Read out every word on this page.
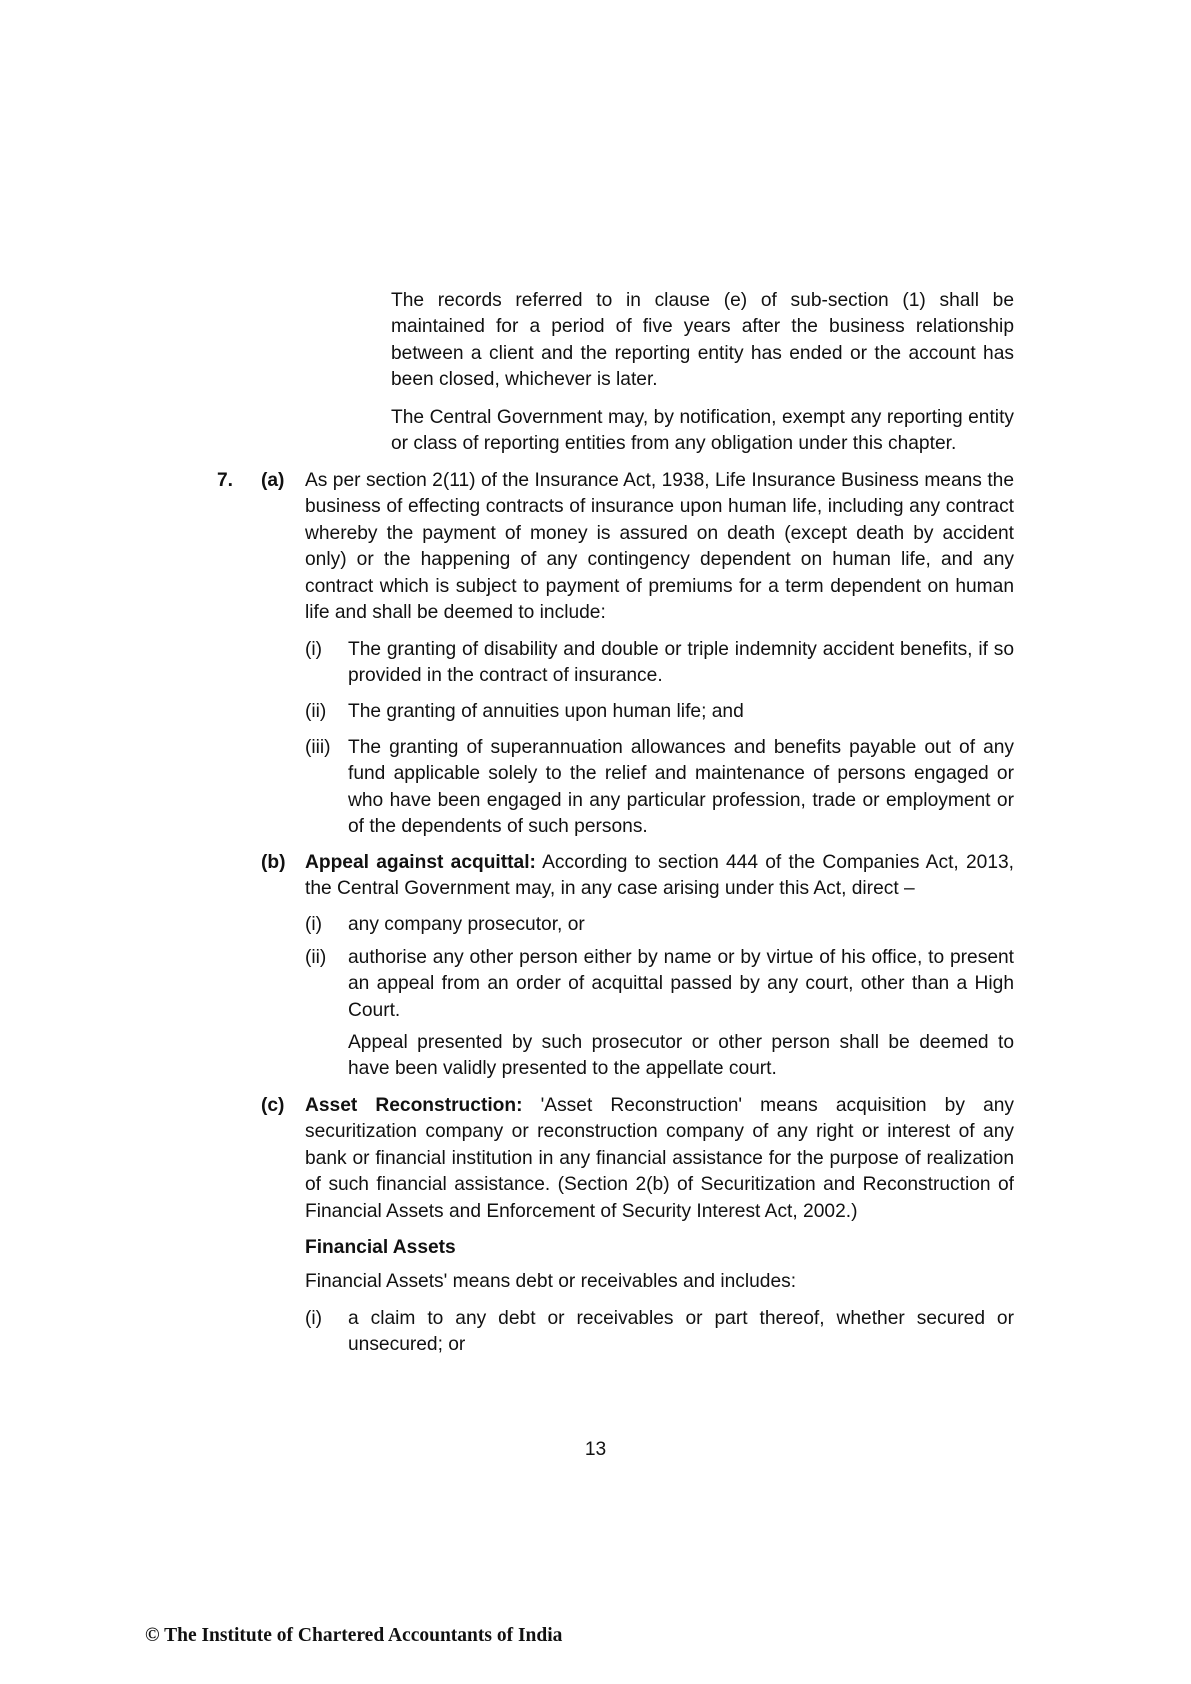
The records referred to in clause (e) of sub-section (1) shall be maintained for a period of five years after the business relationship between a client and the reporting entity has ended or the account has been closed, whichever is later.

The Central Government may, by notification, exempt any reporting entity or class of reporting entities from any obligation under this chapter.

7. (a) As per section 2(11) of the Insurance Act, 1938, Life Insurance Business means the business of effecting contracts of insurance upon human life, including any contract whereby the payment of money is assured on death (except death by accident only) or the happening of any contingency dependent on human life, and any contract which is subject to payment of premiums for a term dependent on human life and shall be deemed to include:

(i) The granting of disability and double or triple indemnity accident benefits, if so provided in the contract of insurance.

(ii) The granting of annuities upon human life; and

(iii) The granting of superannuation allowances and benefits payable out of any fund applicable solely to the relief and maintenance of persons engaged or who have been engaged in any particular profession, trade or employment or of the dependents of such persons.

(b) Appeal against acquittal: According to section 444 of the Companies Act, 2013, the Central Government may, in any case arising under this Act, direct –

(i) any company prosecutor, or

(ii) authorise any other person either by name or by virtue of his office, to present an appeal from an order of acquittal passed by any court, other than a High Court.

Appeal presented by such prosecutor or other person shall be deemed to have been validly presented to the appellate court.

(c) Asset Reconstruction: 'Asset Reconstruction' means acquisition by any securitization company or reconstruction company of any right or interest of any bank or financial institution in any financial assistance for the purpose of realization of such financial assistance. (Section 2(b) of Securitization and Reconstruction of Financial Assets and Enforcement of Security Interest Act, 2002.)

Financial Assets

Financial Assets' means debt or receivables and includes:

(i) a claim to any debt or receivables or part thereof, whether secured or unsecured; or

13
© The Institute of Chartered Accountants of India
